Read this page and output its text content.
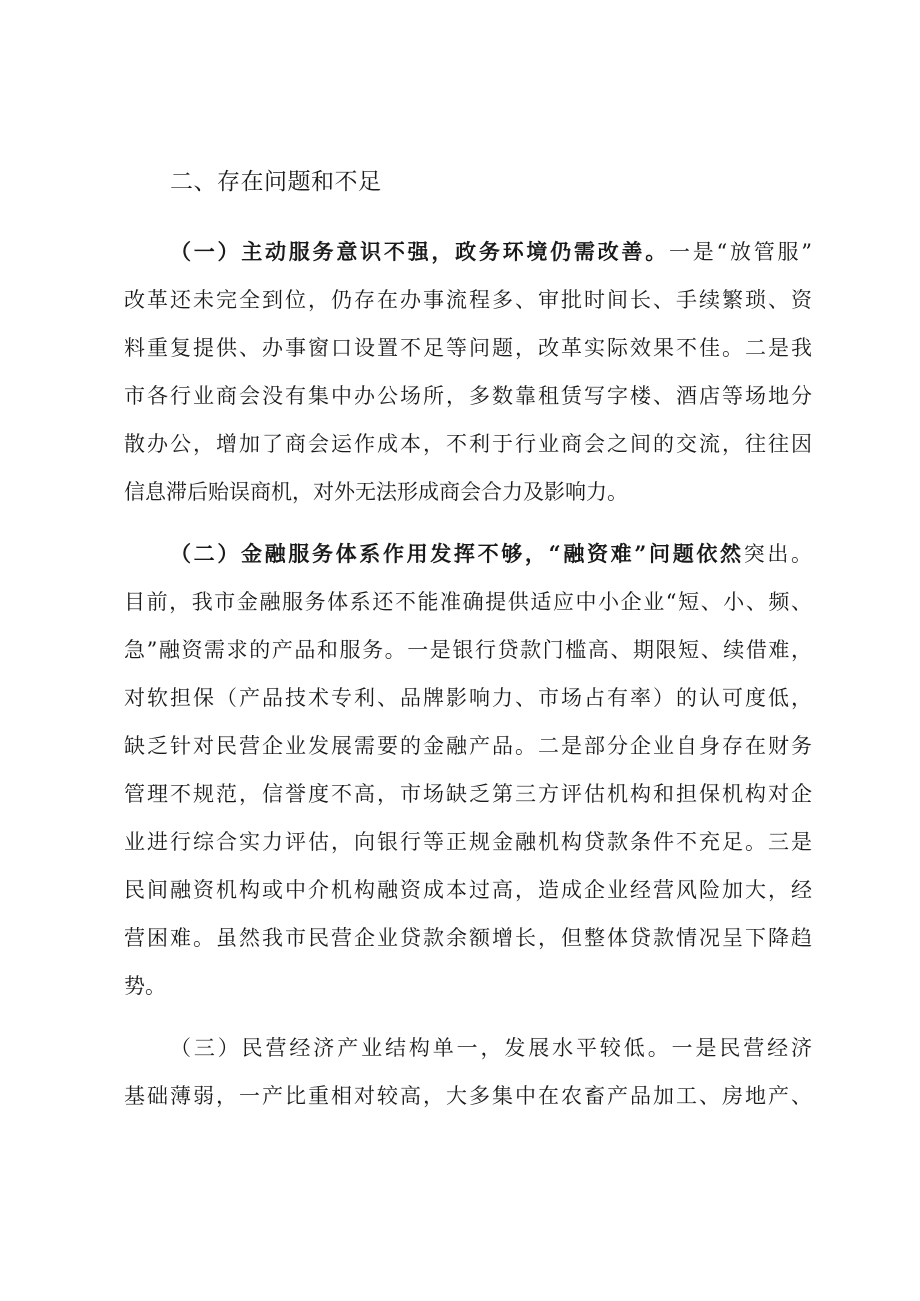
二、存在问题和不足
（一）主动服务意识不强，政务环境仍需改善。一是“放管服”
改革还未完全到位，仍存在办事流程多、审批时间长、手续繁琐、资
料重复提供、办事窗口设置不足等问题，改革实际效果不佳。二是我
市各行业商会没有集中办公场所，多数靠租赁写字楼、酒店等场地分
散办公，增加了商会运作成本，不利于行业商会之间的交流，往往因
信息滞后贻误商机，对外无法形成商会合力及影响力。
（二）金融服务体系作用发挥不够，“融资难”问题依然突出。
目前，我市金融服务体系还不能准确提供适应中小企业“短、小、频、
急”融资需求的产品和服务。一是银行贷款门槛高、期限短、续借难，
对软担保（产品技术专利、品牌影响力、市场占有率）的认可度低，
缺乏针对民营企业发展需要的金融产品。二是部分企业自身存在财务
管理不规范，信誉度不高，市场缺乏第三方评估机构和担保机构对企
业进行综合实力评估，向银行等正规金融机构贷款条件不充足。三是
民间融资机构或中介机构融资成本过高，造成企业经营风险加大，经
营困难。虽然我市民营企业贷款余额增长，但整体贷款情况呈下降趋
势。
（三）民营经济产业结构单一，发展水平较低。一是民营经济
基础薄弱，一产比重相对较高，大多集中在农畜产品加工、房地产、
